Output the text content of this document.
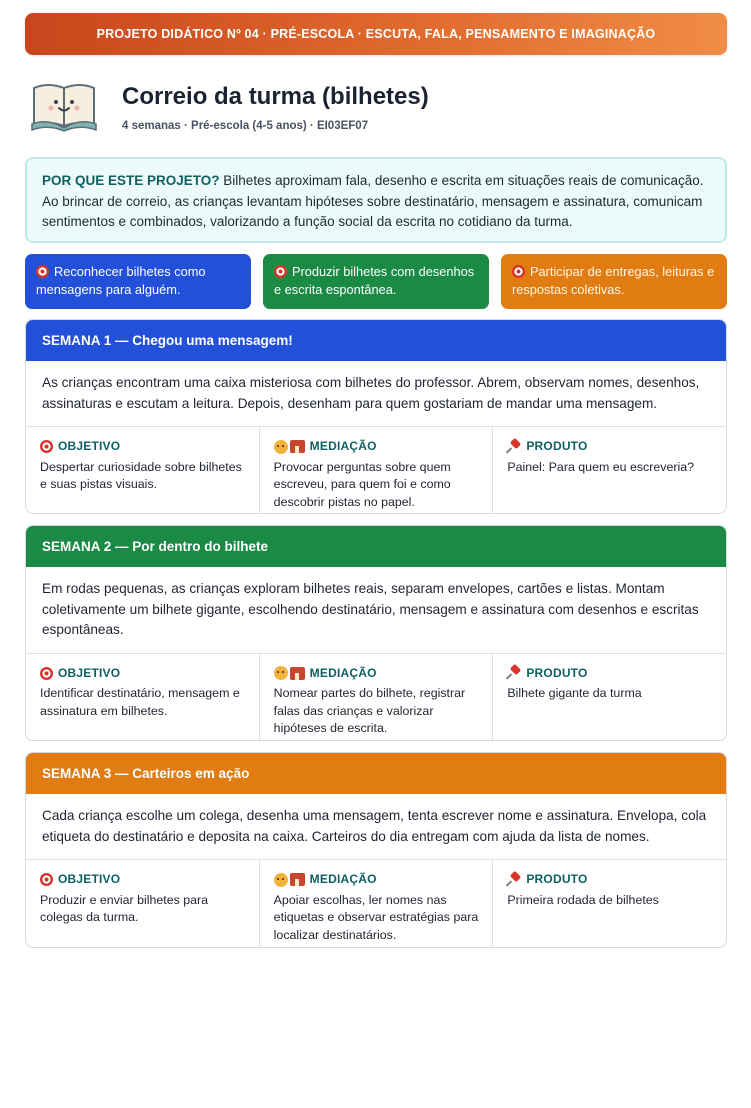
PROJETO DIDÁTICO Nº 04 · PRÉ-ESCOLA · ESCUTA, FALA, PENSAMENTO E IMAGINAÇÃO
Correio da turma (bilhetes)
4 semanas · Pré-escola (4-5 anos) · EI03EF07
POR QUE ESTE PROJETO? Bilhetes aproximam fala, desenho e escrita em situações reais de comunicação. Ao brincar de correio, as crianças levantam hipóteses sobre destinatário, mensagem e assinatura, comunicam sentimentos e combinados, valorizando a função social da escrita no cotidiano da turma.
Reconhecer bilhetes como mensagens para alguém.
Produzir bilhetes com desenhos e escrita espontânea.
Participar de entregas, leituras e respostas coletivas.
SEMANA 1 — Chegou uma mensagem!
As crianças encontram uma caixa misteriosa com bilhetes do professor. Abrem, observam nomes, desenhos, assinaturas e escutam a leitura. Depois, desenham para quem gostariam de mandar uma mensagem.
OBJETIVO
Despertar curiosidade sobre bilhetes e suas pistas visuais.
MEDIAÇÃO
Provocar perguntas sobre quem escreveu, para quem foi e como descobrir pistas no papel.
PRODUTO
Painel: Para quem eu escreveria?
SEMANA 2 — Por dentro do bilhete
Em rodas pequenas, as crianças exploram bilhetes reais, separam envelopes, cartões e listas. Montam coletivamente um bilhete gigante, escolhendo destinatário, mensagem e assinatura com desenhos e escritas espontâneas.
OBJETIVO
Identificar destinatário, mensagem e assinatura em bilhetes.
MEDIAÇÃO
Nomear partes do bilhete, registrar falas das crianças e valorizar hipóteses de escrita.
PRODUTO
Bilhete gigante da turma
SEMANA 3 — Carteiros em ação
Cada criança escolhe um colega, desenha uma mensagem, tenta escrever nome e assinatura. Envelopa, cola etiqueta do destinatário e deposita na caixa. Carteiros do dia entregam com ajuda da lista de nomes.
OBJETIVO
Produzir e enviar bilhetes para colegas da turma.
MEDIAÇÃO
Apoiar escolhas, ler nomes nas etiquetas e observar estratégias para localizar destinatários.
PRODUTO
Primeira rodada de bilhetes
